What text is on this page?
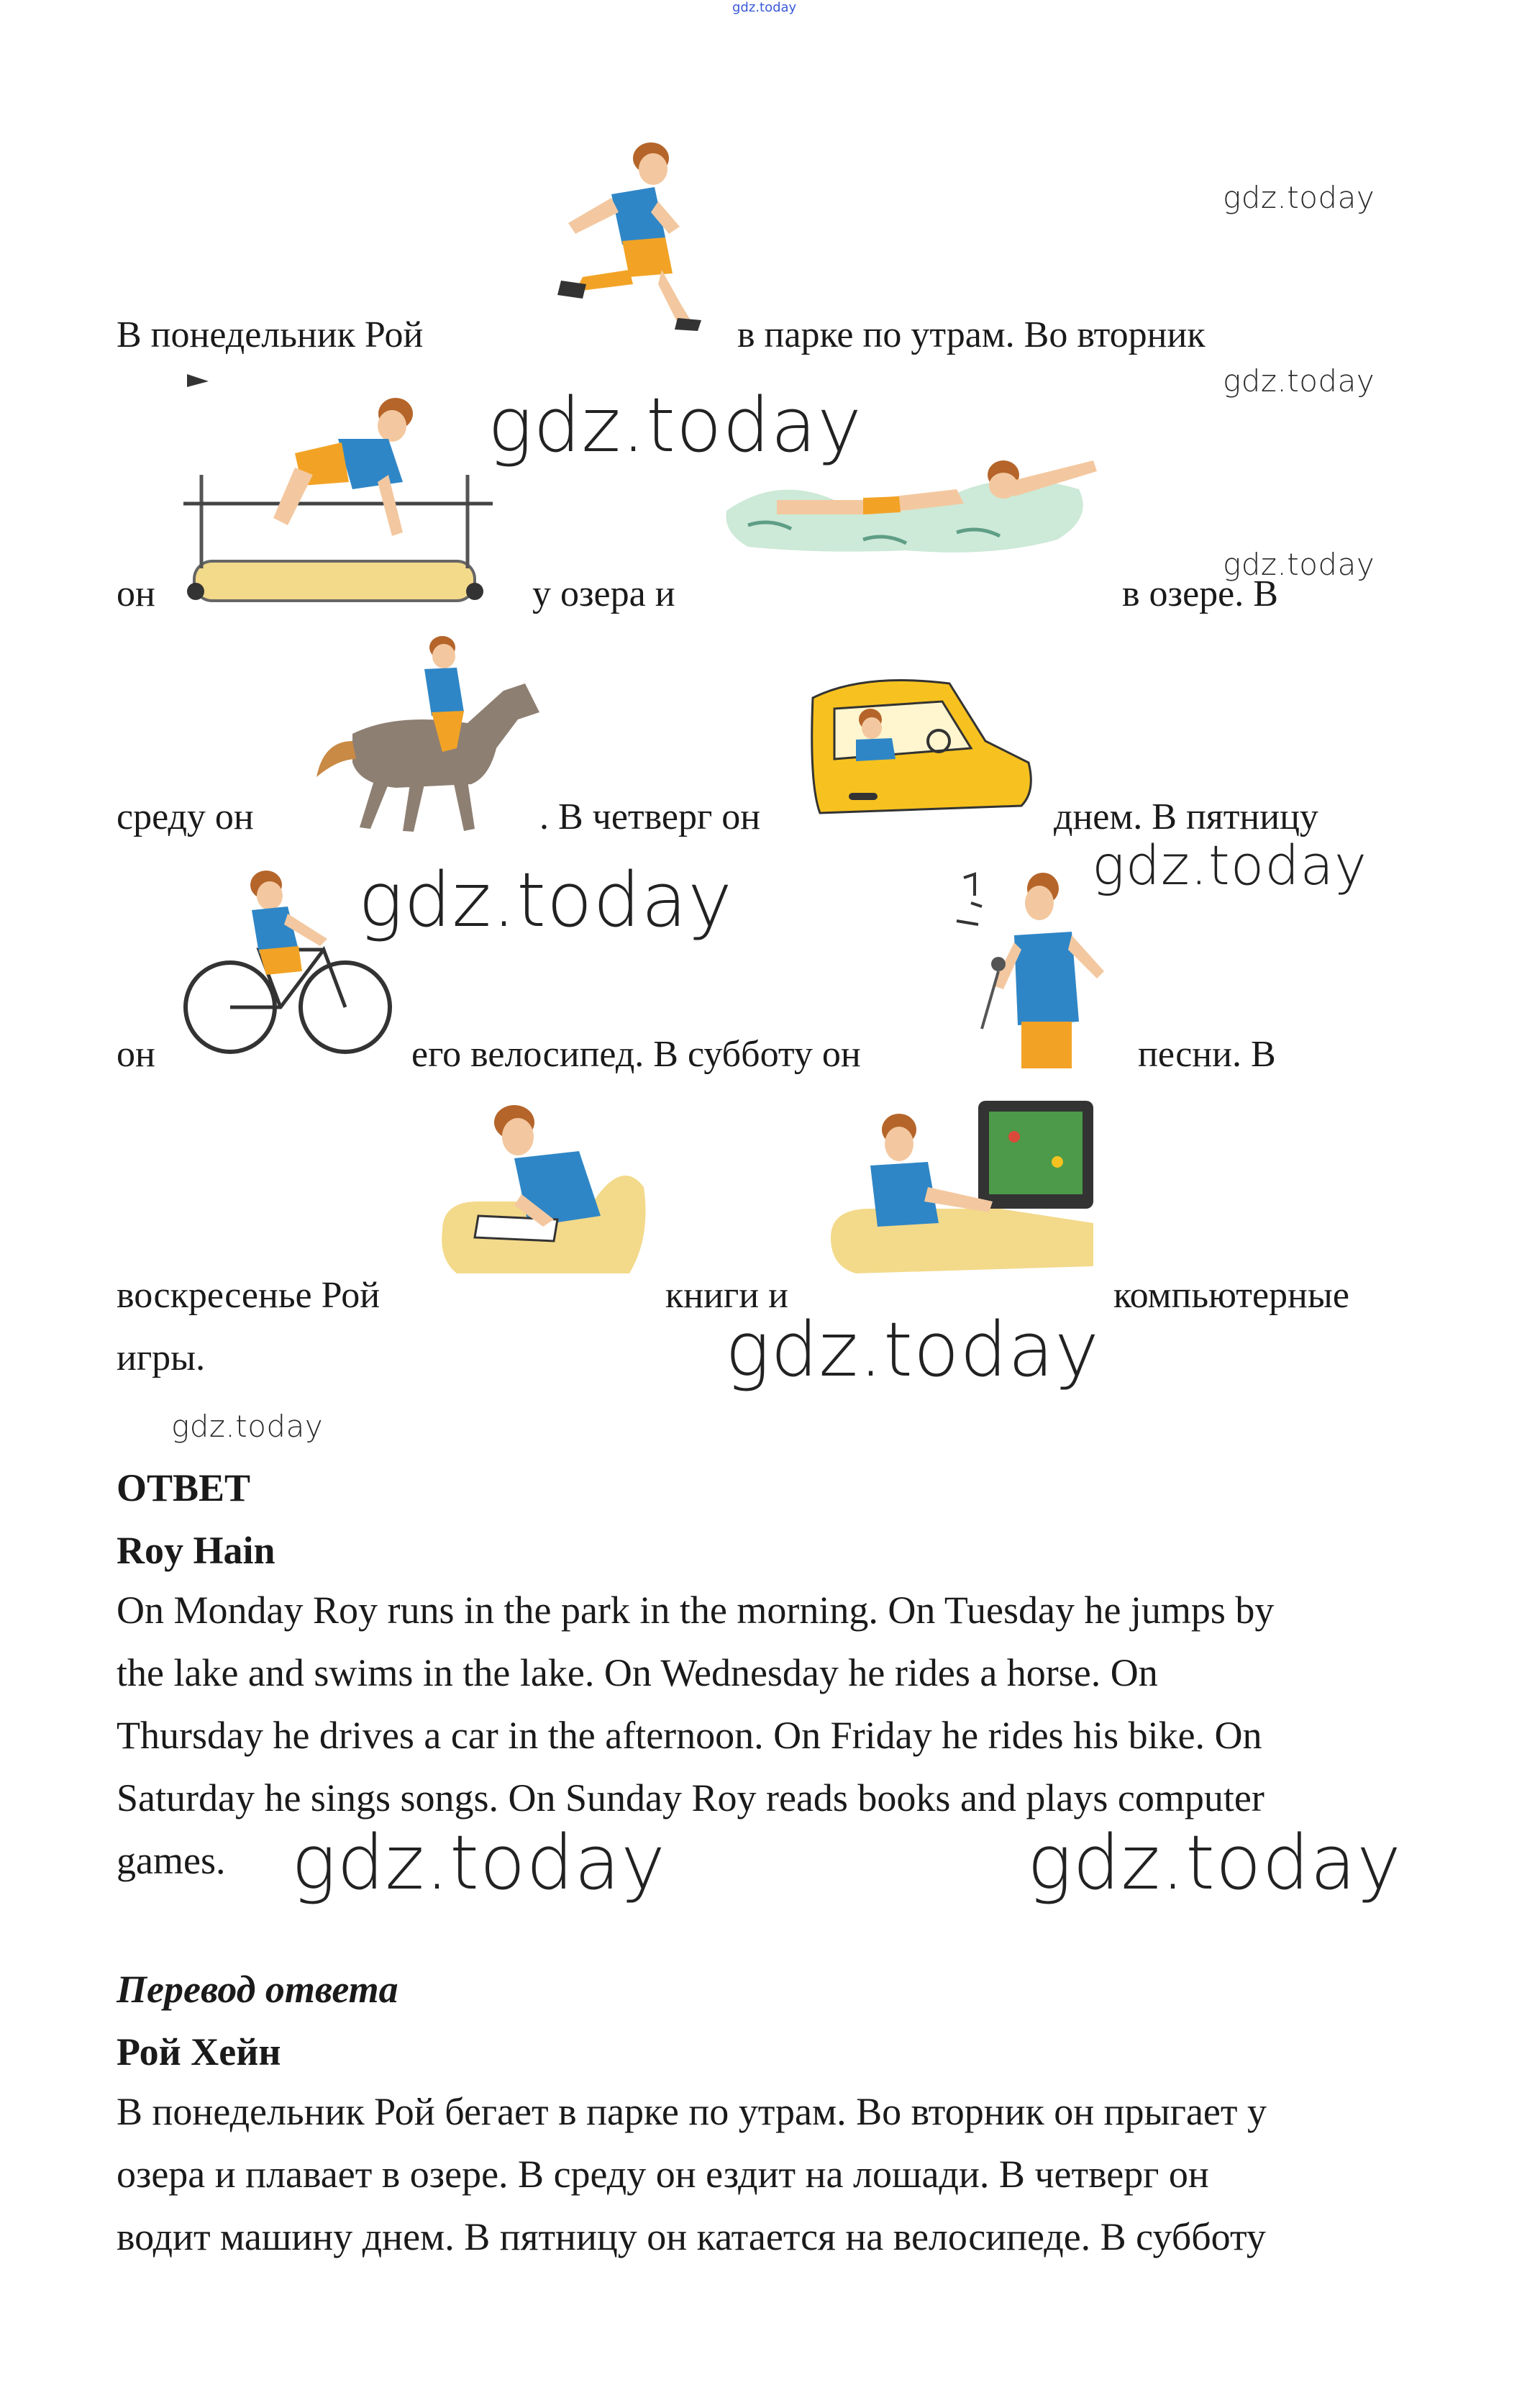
gdz.today
gdz.today
gdz.today
gdz.today
gdz.today
gdz.today
gdz.today	gdz.today
gdz.today
gdz.today	gdz.today
В понедельник Рой	в парке по утрам. Во вторник
он	у озера и	в озере. В
среду он	. В четверг он	днем. В пятницу
он	его велосипед. В субботу он	песни. В
воскресенье Рой	книги и	компьютерные
игры.
ОТВЕТ
Roy Hain
On Monday Roy runs in the park in the morning. On Tuesday he jumps by
the lake and swims in the lake. On Wednesday he rides a horse. On
Thursday he drives a car in the afternoon. On Friday he rides his bike. On
Saturday he sings songs. On Sunday Roy reads books and plays computer
games.
Перевод ответа
Рой Хейн
В понедельник Рой бегает в парке по утрам. Во вторник он прыгает у
озера и плавает в озере. В среду он ездит на лошади. В четверг он
водит машину днем. В пятницу он катается на велосипеде. В субботу
